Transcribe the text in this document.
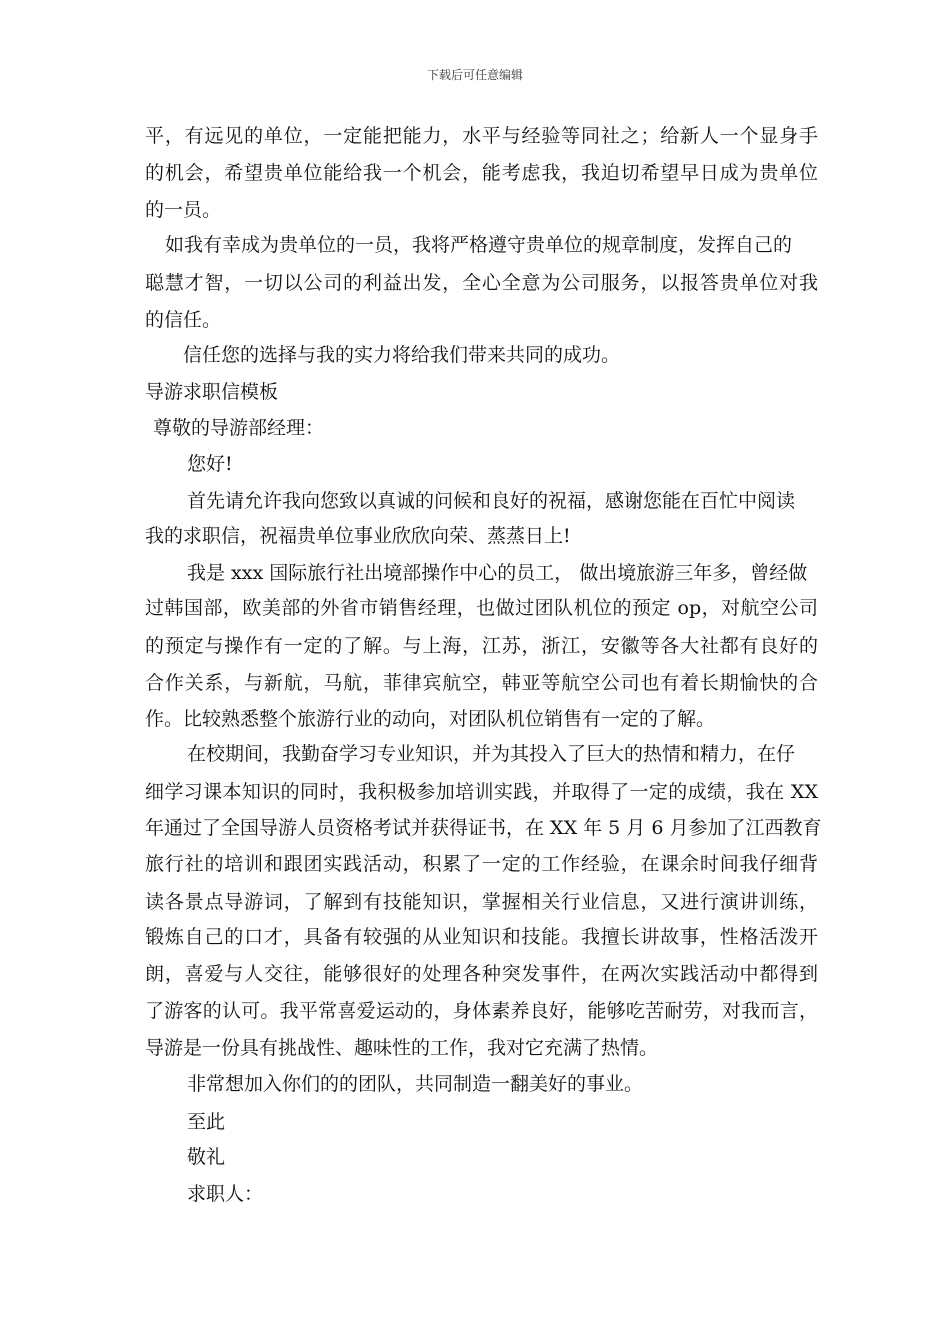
下载后可任意编辑
平，有远见的单位，一定能把能力，水平与经验等同社之；给新人一个显身手
的机会，希望贵单位能给我一个机会，能考虑我，我迫切希望早日成为贵单位
的一员。
如我有幸成为贵单位的一员，我将严格遵守贵单位的规章制度，发挥自己的
聪慧才智，一切以公司的利益出发，全心全意为公司服务，以报答贵单位对我
的信任。
信任您的选择与我的实力将给我们带来共同的成功。
导游求职信模板
尊敬的导游部经理：
您好!
首先请允许我向您致以真诚的问候和良好的祝福，感谢您能在百忙中阅读
我的求职信，祝福贵单位事业欣欣向荣、蒸蒸日上!
我是 xxx 国际旅行社出境部操作中心的员工， 做出境旅游三年多，曾经做
过韩国部，欧美部的外省市销售经理，也做过团队机位的预定 op，对航空公司
的预定与操作有一定的了解。与上海，江苏，浙江，安徽等各大社都有良好的
合作关系，与新航，马航，菲律宾航空，韩亚等航空公司也有着长期愉快的合
作。比较熟悉整个旅游行业的动向，对团队机位销售有一定的了解。
在校期间，我勤奋学习专业知识，并为其投入了巨大的热情和精力，在仔
细学习课本知识的同时，我积极参加培训实践，并取得了一定的成绩，我在 XX
年通过了全国导游人员资格考试并获得证书，在 XX 年 5 月 6 月参加了江西教育
旅行社的培训和跟团实践活动，积累了一定的工作经验，在课余时间我仔细背
读各景点导游词，了解到有技能知识，掌握相关行业信息，又进行演讲训练，
锻炼自己的口才，具备有较强的从业知识和技能。我擅长讲故事，性格活泼开
朗，喜爱与人交往，能够很好的处理各种突发事件，在两次实践活动中都得到
了游客的认可。我平常喜爱运动的，身体素养良好，能够吃苦耐劳，对我而言，
导游是一份具有挑战性、趣味性的工作，我对它充满了热情。
非常想加入你们的的团队，共同制造一翻美好的事业。
至此
敬礼
求职人：
